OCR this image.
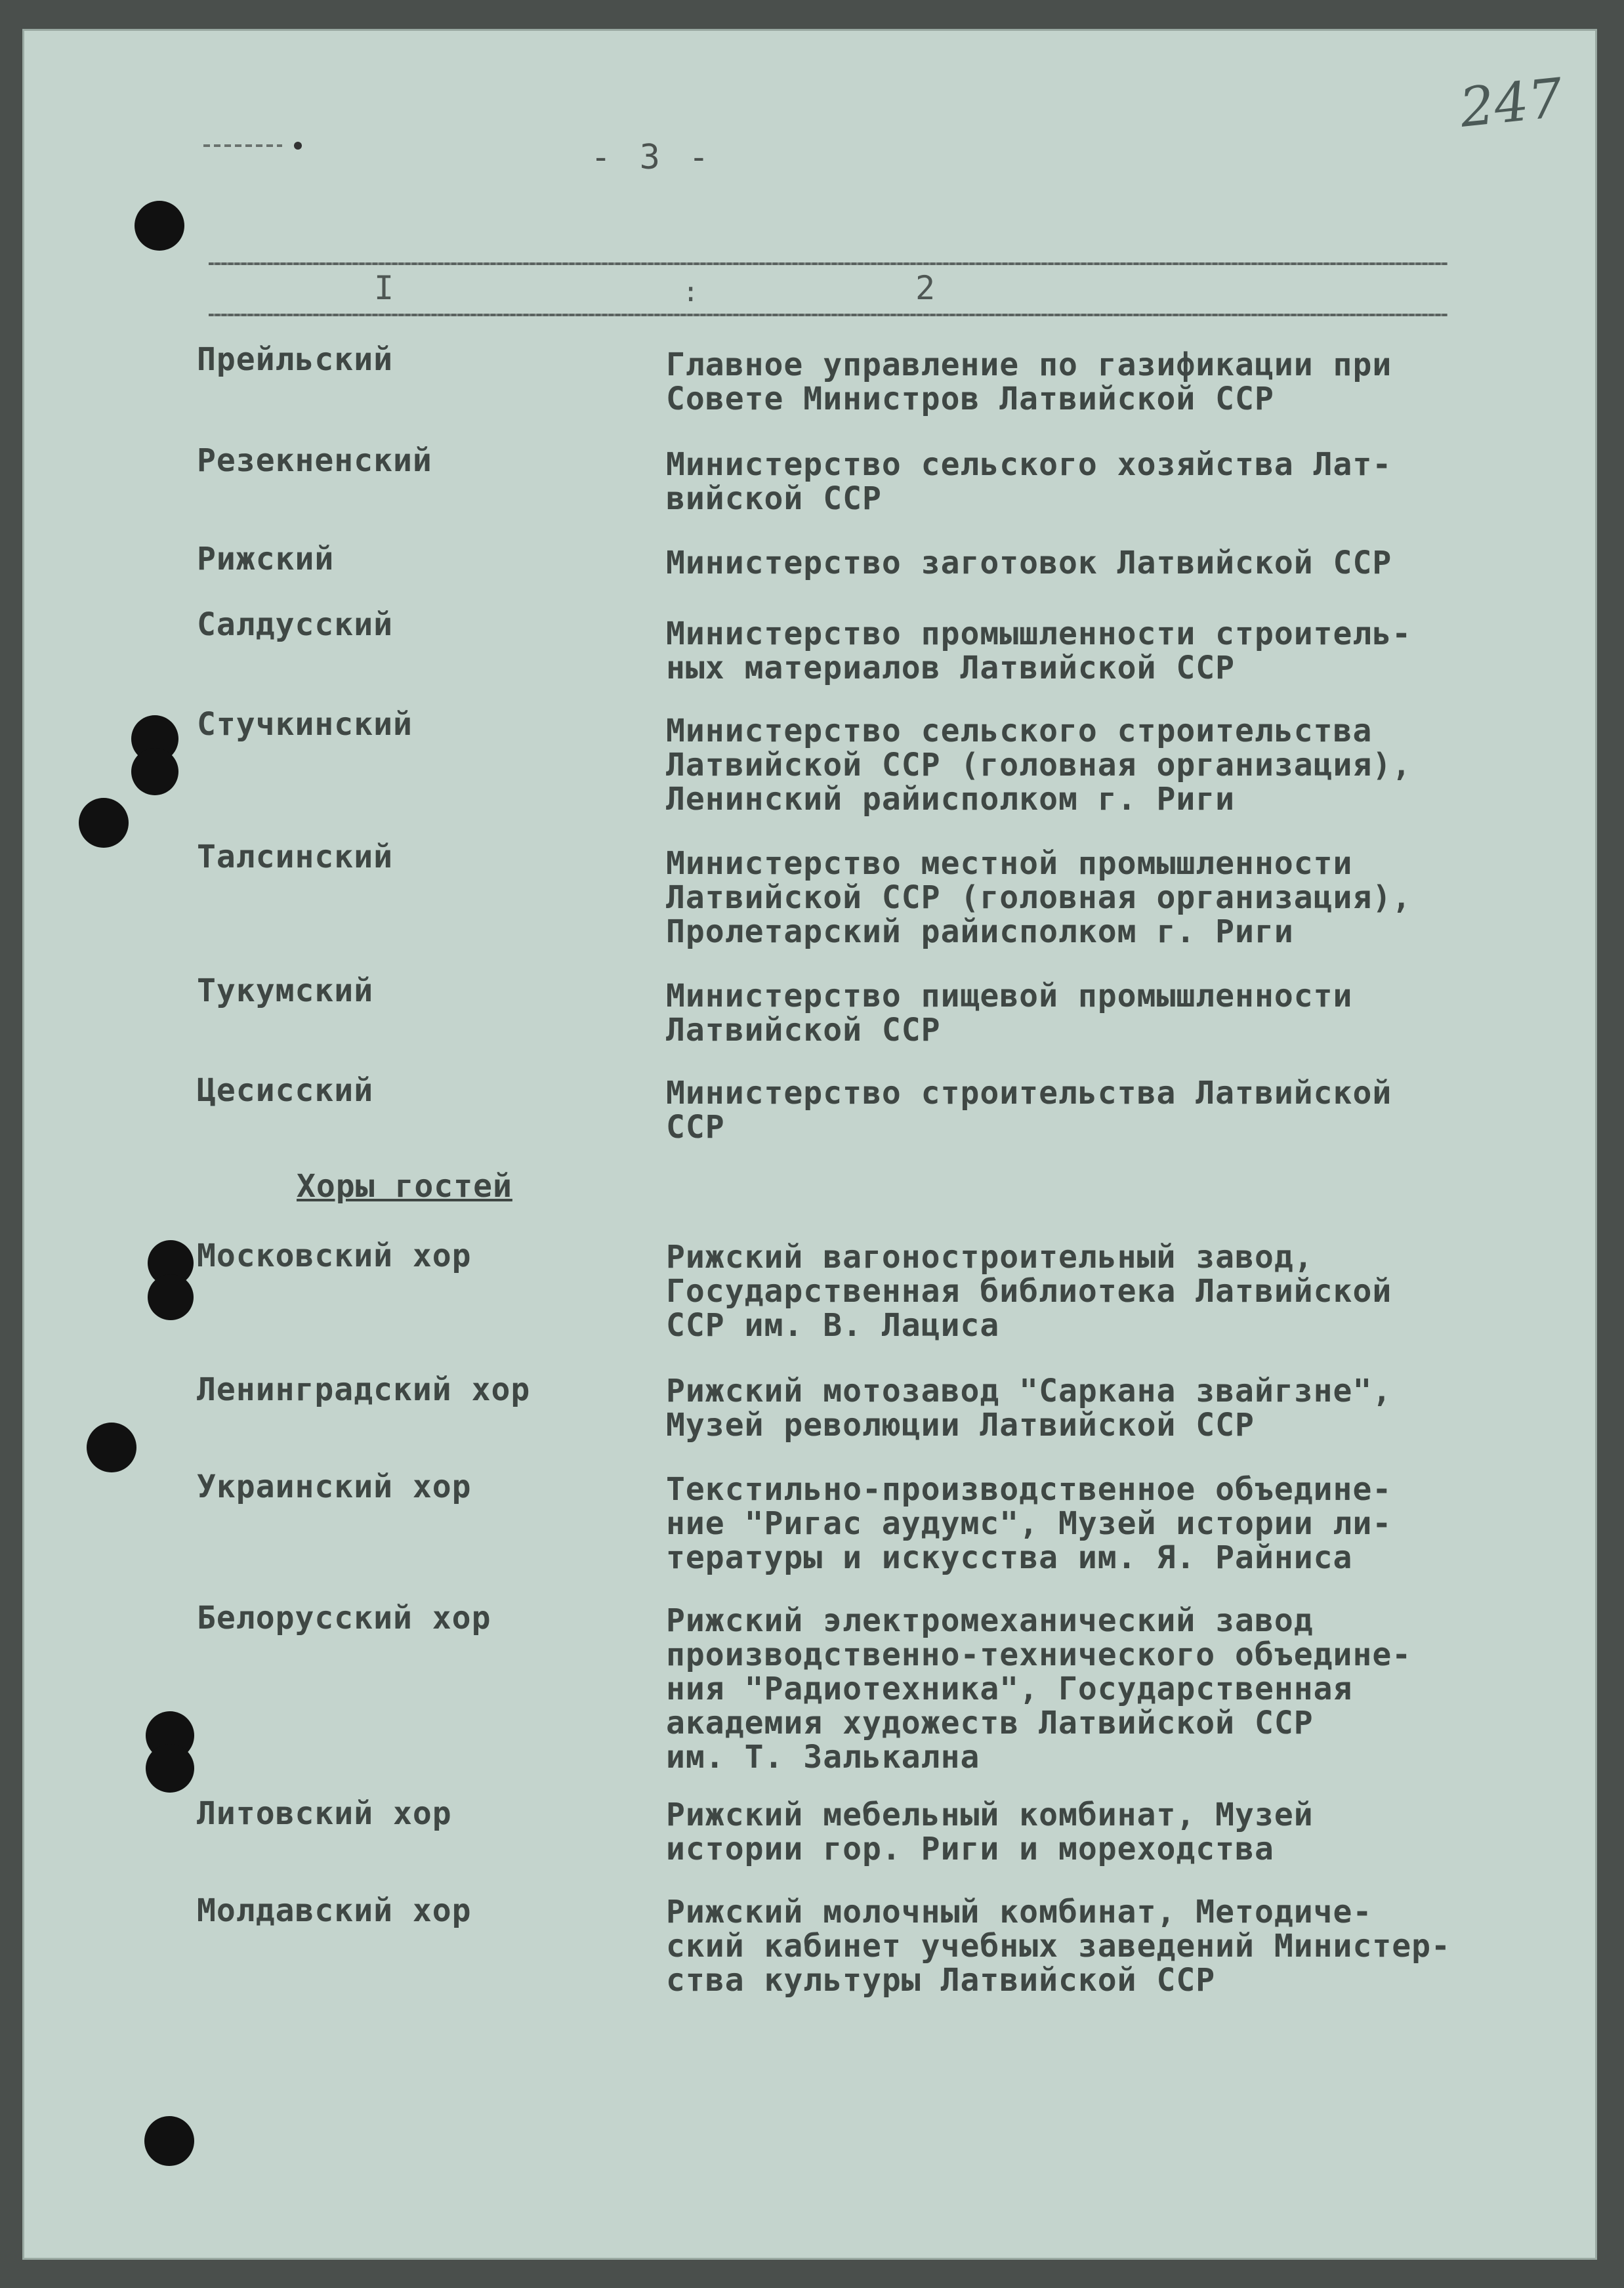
- 3 -
247
I	:	2
Прейльский	Главное управление по газификации при
Совете Министров Латвийской ССР
Резекненский	Министерство сельского хозяйства Лат-
вийской ССР
Рижский	Министерство заготовок Латвийской ССР
Салдусский	Министерство промышленности строитель-
ных материалов Латвийской ССР
Стучкинский	Министерство сельского строительства
Латвийской ССР (головная организация),
Ленинский райисполком г. Риги
Талсинский	Министерство местной промышленности
Латвийской ССР (головная организация),
Пролетарский райисполком г. Риги
Тукумский	Министерство пищевой промышленности
Латвийской ССР
Цесисский	Министерство строительства Латвийской
ССР
Хоры гостей
Московский хор	Рижский вагоностроительный завод,
Государственная библиотека Латвийской
ССР им. В. Лациса
Ленинградский хор	Рижский мотозавод "Саркана звайгзне",
Музей революции Латвийской ССР
Украинский хор	Текстильно-производственное объедине-
ние "Ригас аудумс", Музей истории ли-
тературы и искусства им. Я. Райниса
Белорусский хор	Рижский электромеханический завод
производственно-технического объедине-
ния "Радиотехника", Государственная
академия художеств Латвийской ССР
им. Т. Залькална
Литовский хор	Рижский мебельный комбинат, Музей
истории гор. Риги и мореходства
Молдавский хор	Рижский молочный комбинат, Методиче-
ский кабинет учебных заведений Министер-
ства культуры Латвийской ССР
